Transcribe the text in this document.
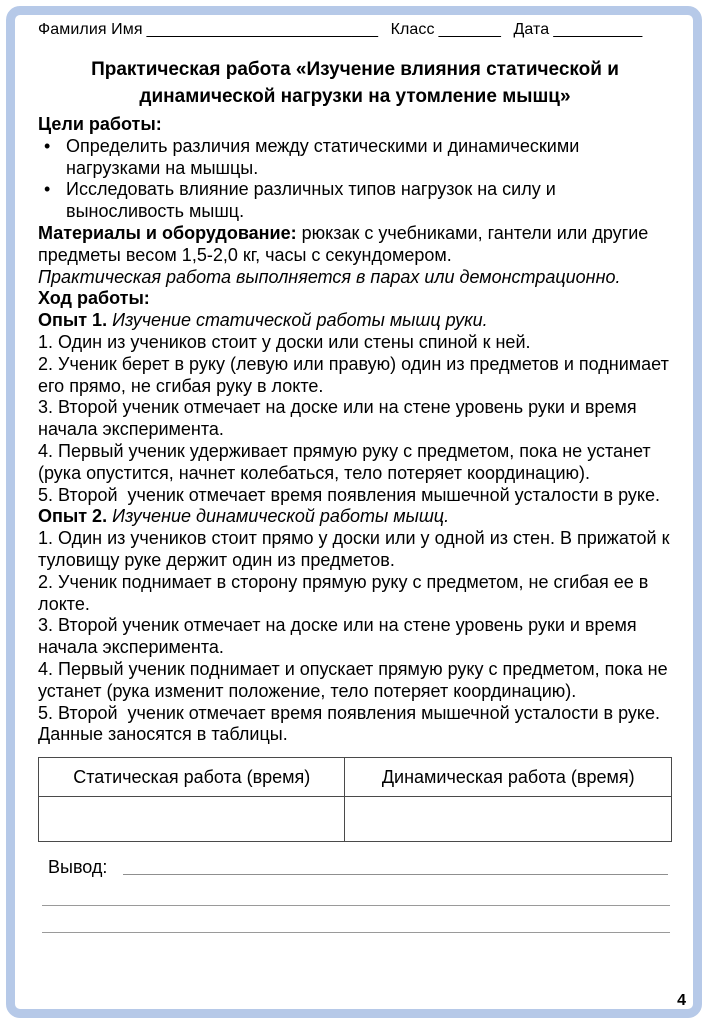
Фамилия Имя __________________________ Класс _______ Дата __________
Практическая работа «Изучение влияния статической и динамической нагрузки на утомление мышц»

Цели работы:

• Определить различия между статическими и динамическими нагрузками на мышцы.
• Исследовать влияние различных типов нагрузок на силу и выносливость мышц.

Материалы и оборудование: рюкзак с учебниками, гантели или другие предметы весом 1,5-2,0 кг, часы с секундомером.

Практическая работа выполняется в парах или демонстрационно.

Ход работы:

Опыт 1. Изучение статической работы мышц руки.

1. Один из учеников стоит у доски или стены спиной к ней.

2. Ученик берет в руку (левую или правую) один из предметов и поднимает его прямо, не сгибая руку в локте.

3. Второй ученик отмечает на доске или на стене уровень руки и время начала эксперимента.

4. Первый ученик удерживает прямую руку с предметом, пока не устанет (рука опустится, начнет колебаться, тело потеряет координацию).

5. Второй  ученик отмечает время появления мышечной усталости в руке.

Опыт 2. Изучение динамической работы мышц.

1. Один из учеников стоит прямо у доски или у одной из стен. В прижатой к туловищу руке держит один из предметов.

2. Ученик поднимает в сторону прямую руку с предметом, не сгибая ее в локте.

3. Второй ученик отмечает на доске или на стене уровень руки и время начала эксперимента.

4. Первый ученик поднимает и опускает прямую руку с предметом, пока не устанет (рука изменит положение, тело потеряет координацию).

5. Второй  ученик отмечает время появления мышечной усталости в руке.

Данные заносятся в таблицы.

Статическая работа (время)	Динамическая работа (время)

Вывод:
4
